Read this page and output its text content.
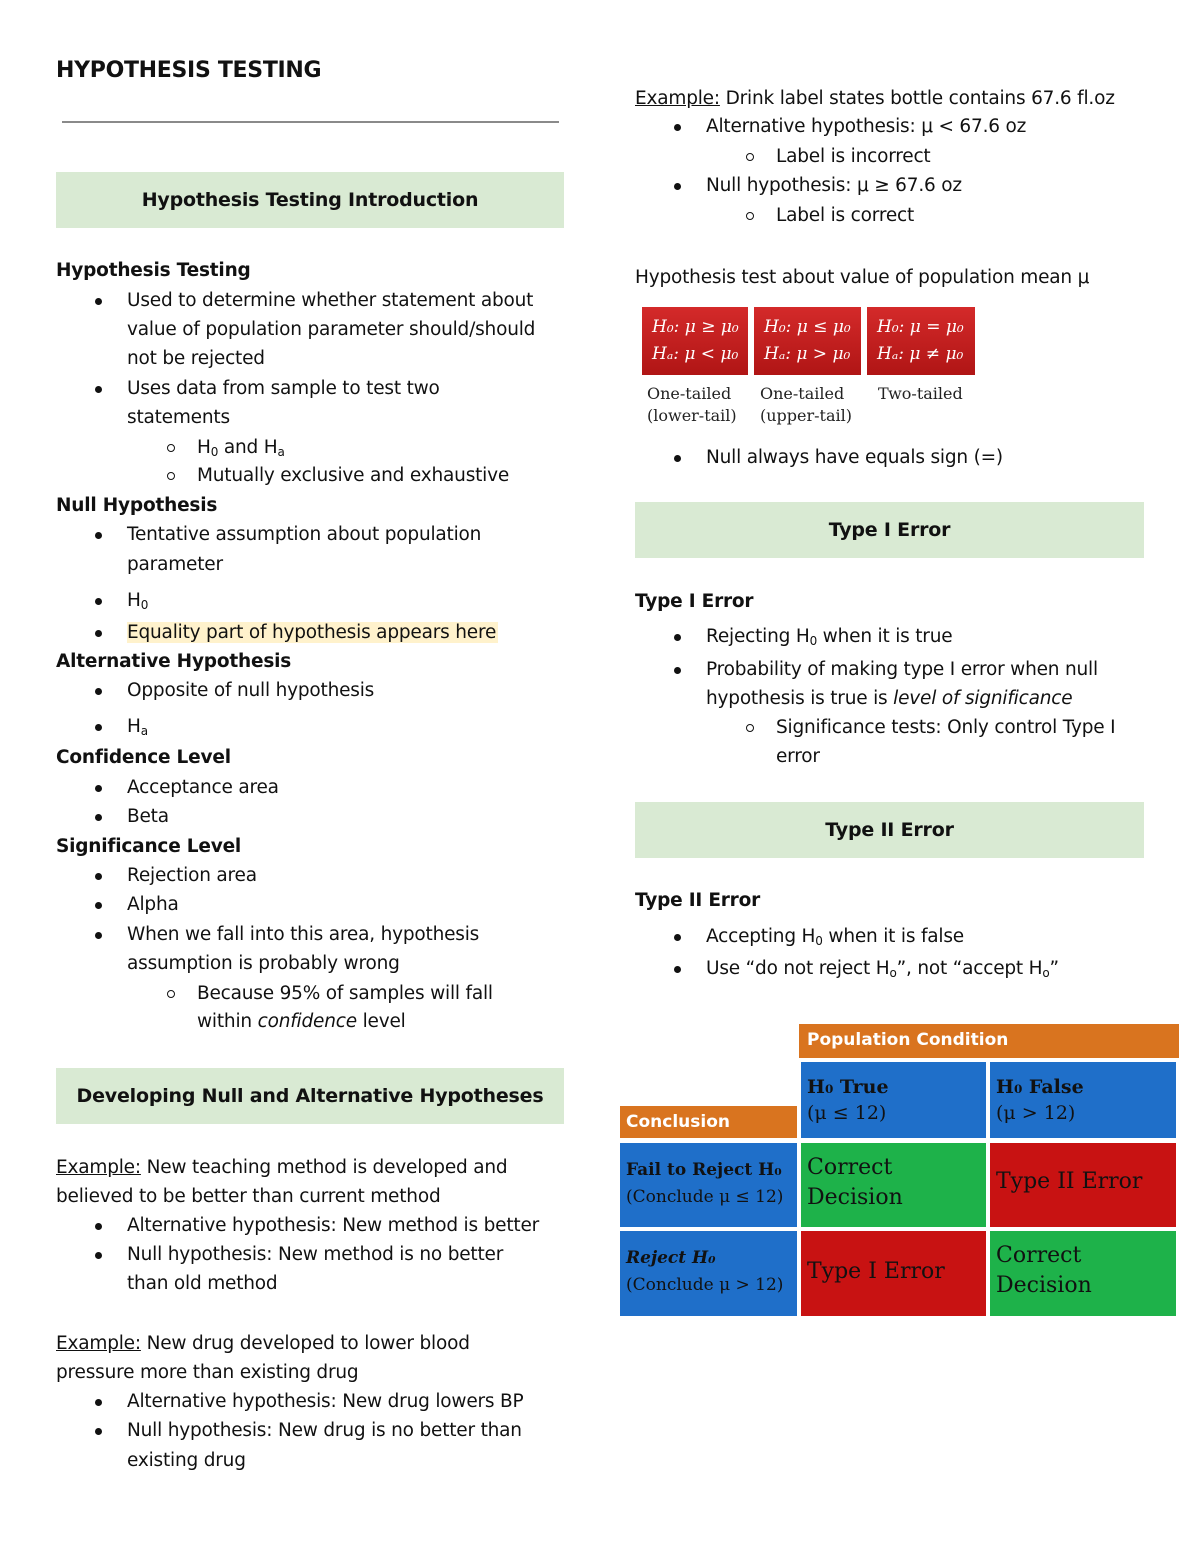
HYPOTHESIS TESTING
Hypothesis Testing Introduction
Hypothesis Testing
Used to determine whether statement about
value of population parameter should/should
not be rejected
Uses data from sample to test two
statements
$H_0$ and $H_a$
Mutually exclusive and exhaustive
Null Hypothesis
Tentative assumption about population
parameter
$H_0$
Equality part of hypothesis appears here
Alternative Hypothesis
Opposite of null hypothesis
$H_a$
Confidence Level
Acceptance area
Beta
Significance Level
Rejection area
Alpha
When we fall into this area, hypothesis
assumption is probably wrong
Because 95% of samples will fall
within confidence level
Developing Null and Alternative Hypotheses
Example: New teaching method is developed and
believed to be better than current method
Alternative hypothesis: New method is better
Null hypothesis: New method is no better
than old method
Example: New drug developed to lower blood
pressure more than existing drug
Alternative hypothesis: New drug lowers BP
Null hypothesis: New drug is no better than
existing drug
Example: Drink label states bottle contains 67.6 fl.oz
Alternative hypothesis: μ < 67.6 oz
Label is incorrect
Null hypothesis: μ ≥ 67.6 oz
Label is correct
Hypothesis test about value of population mean μ
H₀: μ ≥ μ₀
Hₐ: μ < μ₀
H₀: μ ≤ μ₀
Hₐ: μ > μ₀
H₀: μ = μ₀
Hₐ: μ ≠ μ₀
One-tailed
(lower-tail)
One-tailed
(upper-tail)
Two-tailed
Null always have equals sign (=)
Type I Error
Type I Error
Rejecting $H_0$ when it is true
Probability of making type I error when null
hypothesis is true is level of significance
Significance tests: Only control Type I
error
Type II Error
Type II Error
Accepting $H_0$ when it is false
Use “do not reject $H_o$”, not “accept $H_o$”
Population Condition
Conclusion
H₀ True
(μ ≤ 12)
H₀ False
(μ > 12)
Fail to Reject H₀
(Conclude μ ≤ 12)
Correct
Decision
Type II Error
Reject H₀
(Conclude μ > 12)
Type I Error
Correct
Decision
